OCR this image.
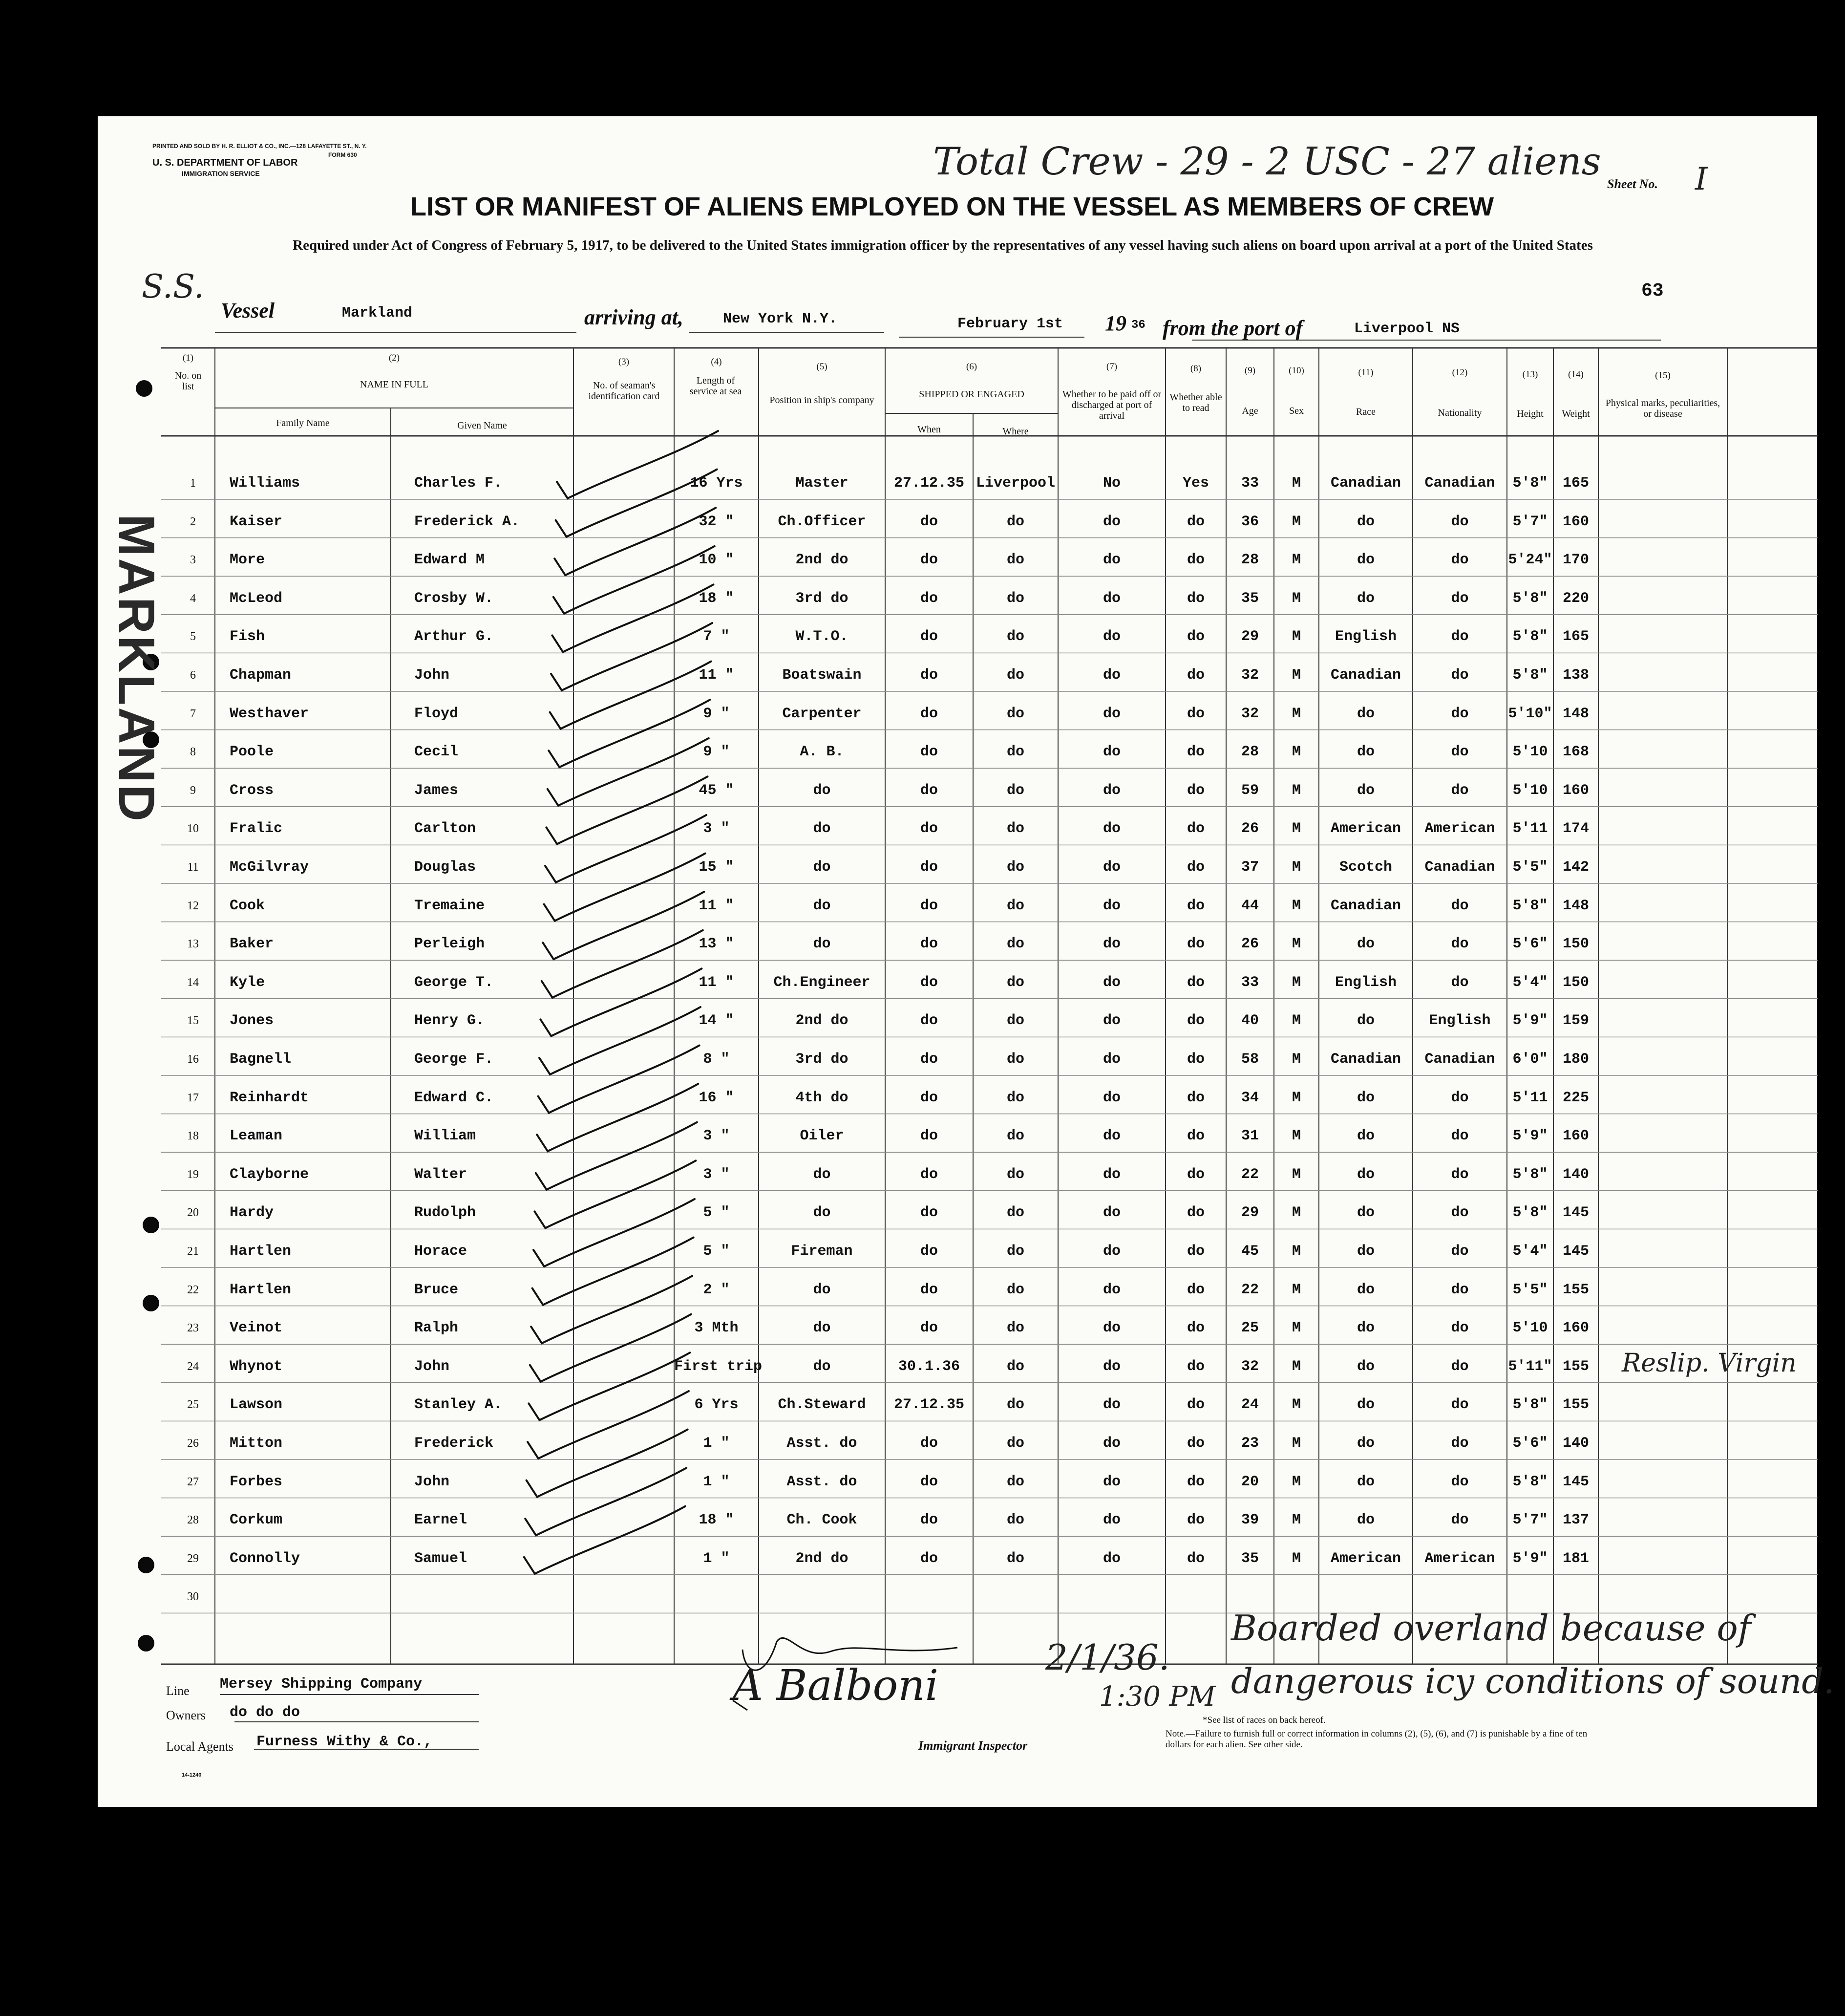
PRINTED AND SOLD BY H. R. ELLIOT & CO., INC.—128 LAFAYETTE ST., N. Y.
FORM 630
U. S. DEPARTMENT OF LABOR
IMMIGRATION SERVICE	Total Crew - 29 - 2 USC - 27 aliens
Sheet No. I
63
LIST OR MANIFEST OF ALIENS EMPLOYED ON THE VESSEL AS MEMBERS OF CREW
Required under Act of Congress of February 5, 1917, to be delivered to the United States immigration officer by the representatives of any vessel having such aliens on board upon arrival at a port of the United States
S.S.
Vessel	Markland	arriving at,	New York N.Y.	February 1st 19 36 from the port of	Liverpool NS
MARKLAND
(1)
No. on list
(2)
NAME IN FULL
Family Name	Given Name
(3)
No. of seaman's identification card
(4)
Length of service at sea
(5)
Position in ship's company
(6)
SHIPPED OR ENGAGED
When	Where
(7)
Whether to be paid off or discharged at port of arrival
(8)
Whether able to read
(9)
Age
(10)
Sex
(11)
Race
(12)
Nationality
(13)
Height
(14)
Weight
(15)
Physical marks, peculiarities, or disease
1	Williams	Charles F.	16 Yrs	Master	27.12.35 Liverpool	No	Yes	33	M	Canadian	Canadian	5'8"	165
2	Kaiser	Frederick A.	32 "	Ch.Officer	do	do	do	do	36	M	do	do	5'7"	160
3	More	Edward M	10 "	2nd do	do	do	do	do	28	M	do	do	5'24" 170
4	McLeod	Crosby W.	18 "	3rd do	do	do	do	do	35	M	do	do	5'8"	220
5	Fish	Arthur G.	7 "	W.T.O.	do	do	do	do	29	M	English	do	5'8"	165
6	Chapman	John	11 "	Boatswain	do	do	do	do	32	M	Canadian	do	5'8"	138
7	Westhaver	Floyd	9 "	Carpenter	do	do	do	do	32	M	do	do	5'10" 148
8	Poole	Cecil	9 "	A. B.	do	do	do	do	28	M	do	do	5'10	168
9	Cross	James	45 "	do	do	do	do	do	59	M	do	do	5'10	160
10	Fralic	Carlton	3 "	do	do	do	do	do	26	M	American	American	5'11	174
11	McGilvray	Douglas	15 "	do	do	do	do	do	37	M	Scotch	Canadian	5'5"	142
12	Cook	Tremaine	11 "	do	do	do	do	do	44	M	Canadian	do	5'8"	148
13	Baker	Perleigh	13 "	do	do	do	do	do	26	M	do	do	5'6"	150
14	Kyle	George T.	11 "	Ch.Engineer	do	do	do	do	33	M	English	do	5'4"	150
15	Jones	Henry G.	14 "	2nd do	do	do	do	do	40	M	do	English	5'9"	159
16	Bagnell	George F.	8 "	3rd do	do	do	do	do	58	M	Canadian	Canadian	6'0"	180
17	Reinhardt	Edward C.	16 "	4th do	do	do	do	do	34	M	do	do	5'11	225
18	Leaman	William	3 "	Oiler	do	do	do	do	31	M	do	do	5'9"	160
19	Clayborne	Walter	3 "	do	do	do	do	do	22	M	do	do	5'8"	140
20	Hardy	Rudolph	5 "	do	do	do	do	do	29	M	do	do	5'8"	145
21	Hartlen	Horace	5 "	Fireman	do	do	do	do	45	M	do	do	5'4"	145
22	Hartlen	Bruce	2 "	do	do	do	do	do	22	M	do	do	5'5"	155
23	Veinot	Ralph	3 Mth	do	do	do	do	do	25	M	do	do	5'10	160
24	Whynot	John	First trip	do	30.1.36	do	do	do	32	M	do	do	5'11" 155	Reslip. Virgin
25	Lawson	Stanley A.	6 Yrs	Ch.Steward	27.12.35	do	do	do	24	M	do	do	5'8"	155
26	Mitton	Frederick	1 "	Asst. do	do	do	do	do	23	M	do	do	5'6"	140
27	Forbes	John	1 "	Asst. do	do	do	do	do	20	M	do	do	5'8"	145
28	Corkum	Earnel	18 "	Ch. Cook	do	do	do	do	39	M	do	do	5'7"	137
29	Connolly	Samuel	1 "	2nd do	do	do	do	do	35	M	American	American	5'9"	181
30
Line Mersey Shipping Company
Owners do do do
Local Agents Furness Withy & Co.,
14-1240
A Balboni
Immigrant Inspector
2/1/36.
1:30 PM
Boarded overland because of
dangerous icy conditions of sound.
*See list of races on back hereof.
Note.—Failure to furnish full or correct information in columns (2), (5), (6), and (7) is punishable by a fine of ten dollars for each alien. See other side.
